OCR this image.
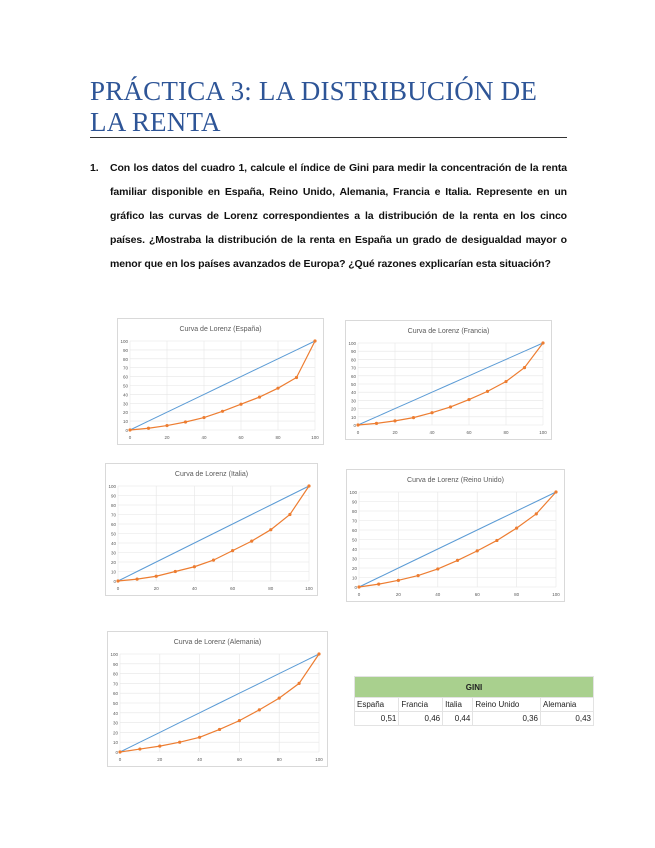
PRÁCTICA 3: LA DISTRIBUCIÓN DE LA RENTA
1. Con los datos del cuadro 1, calcule el índice de Gini para medir la concentración de la renta familiar disponible en España, Reino Unido, Alemania, Francia e Italia. Represente en un gráfico las curvas de Lorenz correspondientes a la distribución de la renta en los cinco países. ¿Mostraba la distribución de la renta en España un grado de desigualdad mayor o menor que en los países avanzados de Europa? ¿Qué razones explicarían esta situación?
Curva de Lorenz (España)
0
10
20
30
40
50
60
70
80
90
100
0	20	40	60	80	100
Curva de Lorenz (Francia)
0
10
20
30
40
50
60
70
80
90
100
0	20	40	60	80	100
Curva de Lorenz (Italia)
0
10
20
30
40
50
60
70
80
90
100
0	20	40	60	80	100
Curva de Lorenz (Reino Unido)
0
10
20
30
40
50
60
70
80
90
100
0	20	40	60	80	100
Curva de Lorenz (Alemania)
0
10
20
30
40
50
60
70
80
90
100
0	20	40	60	80	100
GINI				
España	Francia	Italia	Reino Unido	Alemania
0,51	0,46	0,44	0,36	0,43
